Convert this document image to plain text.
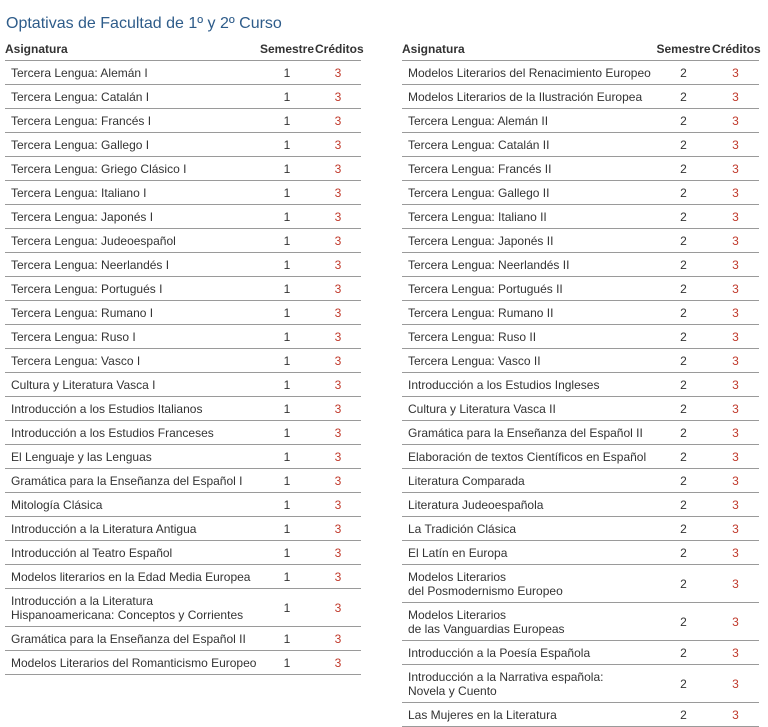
Optativas de Facultad de 1º y 2º Curso
Asignatura	Semestre	Créditos
Tercera Lengua: Alemán I	1	3
Tercera Lengua: Catalán I	1	3
Tercera Lengua: Francés I	1	3
Tercera Lengua: Gallego I	1	3
Tercera Lengua: Griego Clásico I	1	3
Tercera Lengua: Italiano I	1	3
Tercera Lengua: Japonés I	1	3
Tercera Lengua: Judeoespañol	1	3
Tercera Lengua: Neerlandés I	1	3
Tercera Lengua: Portugués I	1	3
Tercera Lengua: Rumano I	1	3
Tercera Lengua: Ruso I	1	3
Tercera Lengua: Vasco I	1	3
Cultura y Literatura Vasca I	1	3
Introducción a los Estudios Italianos	1	3
Introducción a los Estudios Franceses	1	3
El Lenguaje y las Lenguas	1	3
Gramática para la Enseñanza del Español I	1	3
Mitología Clásica	1	3
Introducción a la Literatura Antigua	1	3
Introducción al Teatro Español	1	3
Modelos literarios en la Edad Media Europea	1	3
Introducción a la Literatura Hispanoamericana: Conceptos y Corrientes	1	3
Gramática para la Enseñanza del Español II	1	3
Modelos Literarios del Romanticismo Europeo	1	3
Asignatura	Semestre	Créditos
Modelos Literarios del Renacimiento Europeo	2	3
Modelos Literarios de la Ilustración Europea	2	3
Tercera Lengua: Alemán II	2	3
Tercera Lengua: Catalán II	2	3
Tercera Lengua: Francés II	2	3
Tercera Lengua: Gallego II	2	3
Tercera Lengua: Italiano II	2	3
Tercera Lengua: Japonés II	2	3
Tercera Lengua: Neerlandés II	2	3
Tercera Lengua: Portugués II	2	3
Tercera Lengua: Rumano II	2	3
Tercera Lengua: Ruso II	2	3
Tercera Lengua: Vasco II	2	3
Introducción a los Estudios Ingleses	2	3
Cultura y Literatura Vasca II	2	3
Gramática para la Enseñanza del Español II	2	3
Elaboración de textos Científicos en Español	2	3
Literatura Comparada	2	3
Literatura Judeoespañola	2	3
La Tradición Clásica	2	3
El Latín en Europa	2	3
Modelos Literarios
del Posmodernismo Europeo	2	3
Modelos Literarios
de las Vanguardias Europeas	2	3
Introducción a la Poesía Española	2	3
Introducción a la Narrativa española:
Novela y Cuento	2	3
Las Mujeres en la Literatura	2	3
